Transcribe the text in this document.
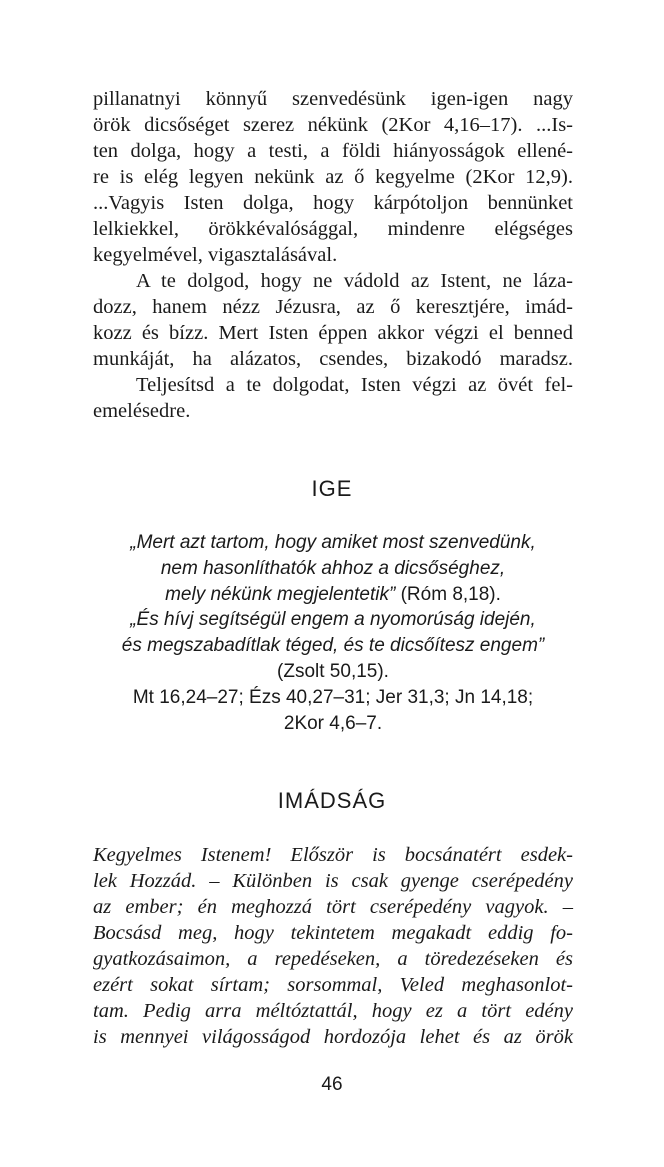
pillanatnyi könnyű szenvedésünk igen-igen nagy
örök dicsőséget szerez nékünk (2Kor 4,16–17). ...Is-
ten dolga, hogy a testi, a földi hiányosságok ellené-
re is elég legyen nekünk az ő kegyelme (2Kor 12,9).
...Vagyis Isten dolga, hogy kárpótoljon bennünket
lelkiekkel, örökkévalósággal, mindenre elégséges
kegyelmével, vigasztalásával.
A te dolgod, hogy ne vádold az Istent, ne láza-
dozz, hanem nézz Jézusra, az ő keresztjére, imád-
kozz és bízz. Mert Isten éppen akkor végzi el benned
munkáját, ha alázatos, csendes, bizakodó maradsz.
Teljesítsd a te dolgodat, Isten végzi az övét fel-
emelésedre.
IGE
„Mert azt tartom, hogy amiket most szenvedünk,
nem hasonlíthatók ahhoz a dicsőséghez,
mely nékünk megjelentetik” (Róm 8,18).
„És hívj segítségül engem a nyomorúság idején,
és megszabadítlak téged, és te dicsőítesz engem”
(Zsolt 50,15).
Mt 16,24–27; Ézs 40,27–31; Jer 31,3; Jn 14,18;
2Kor 4,6–7.
IMÁDSÁG
Kegyelmes Istenem! Először is bocsánatért esdek-
lek Hozzád. – Különben is csak gyenge cserépedény
az ember; én meghozzá tört cserépedény vagyok. –
Bocsásd meg, hogy tekintetem megakadt eddig fo-
gyatkozásaimon, a repedéseken, a töredezéseken és
ezért sokat sírtam; sorsommal, Veled meghasonlot-
tam. Pedig arra méltóztattál, hogy ez a tört edény
is mennyei világosságod hordozója lehet és az örök
46
